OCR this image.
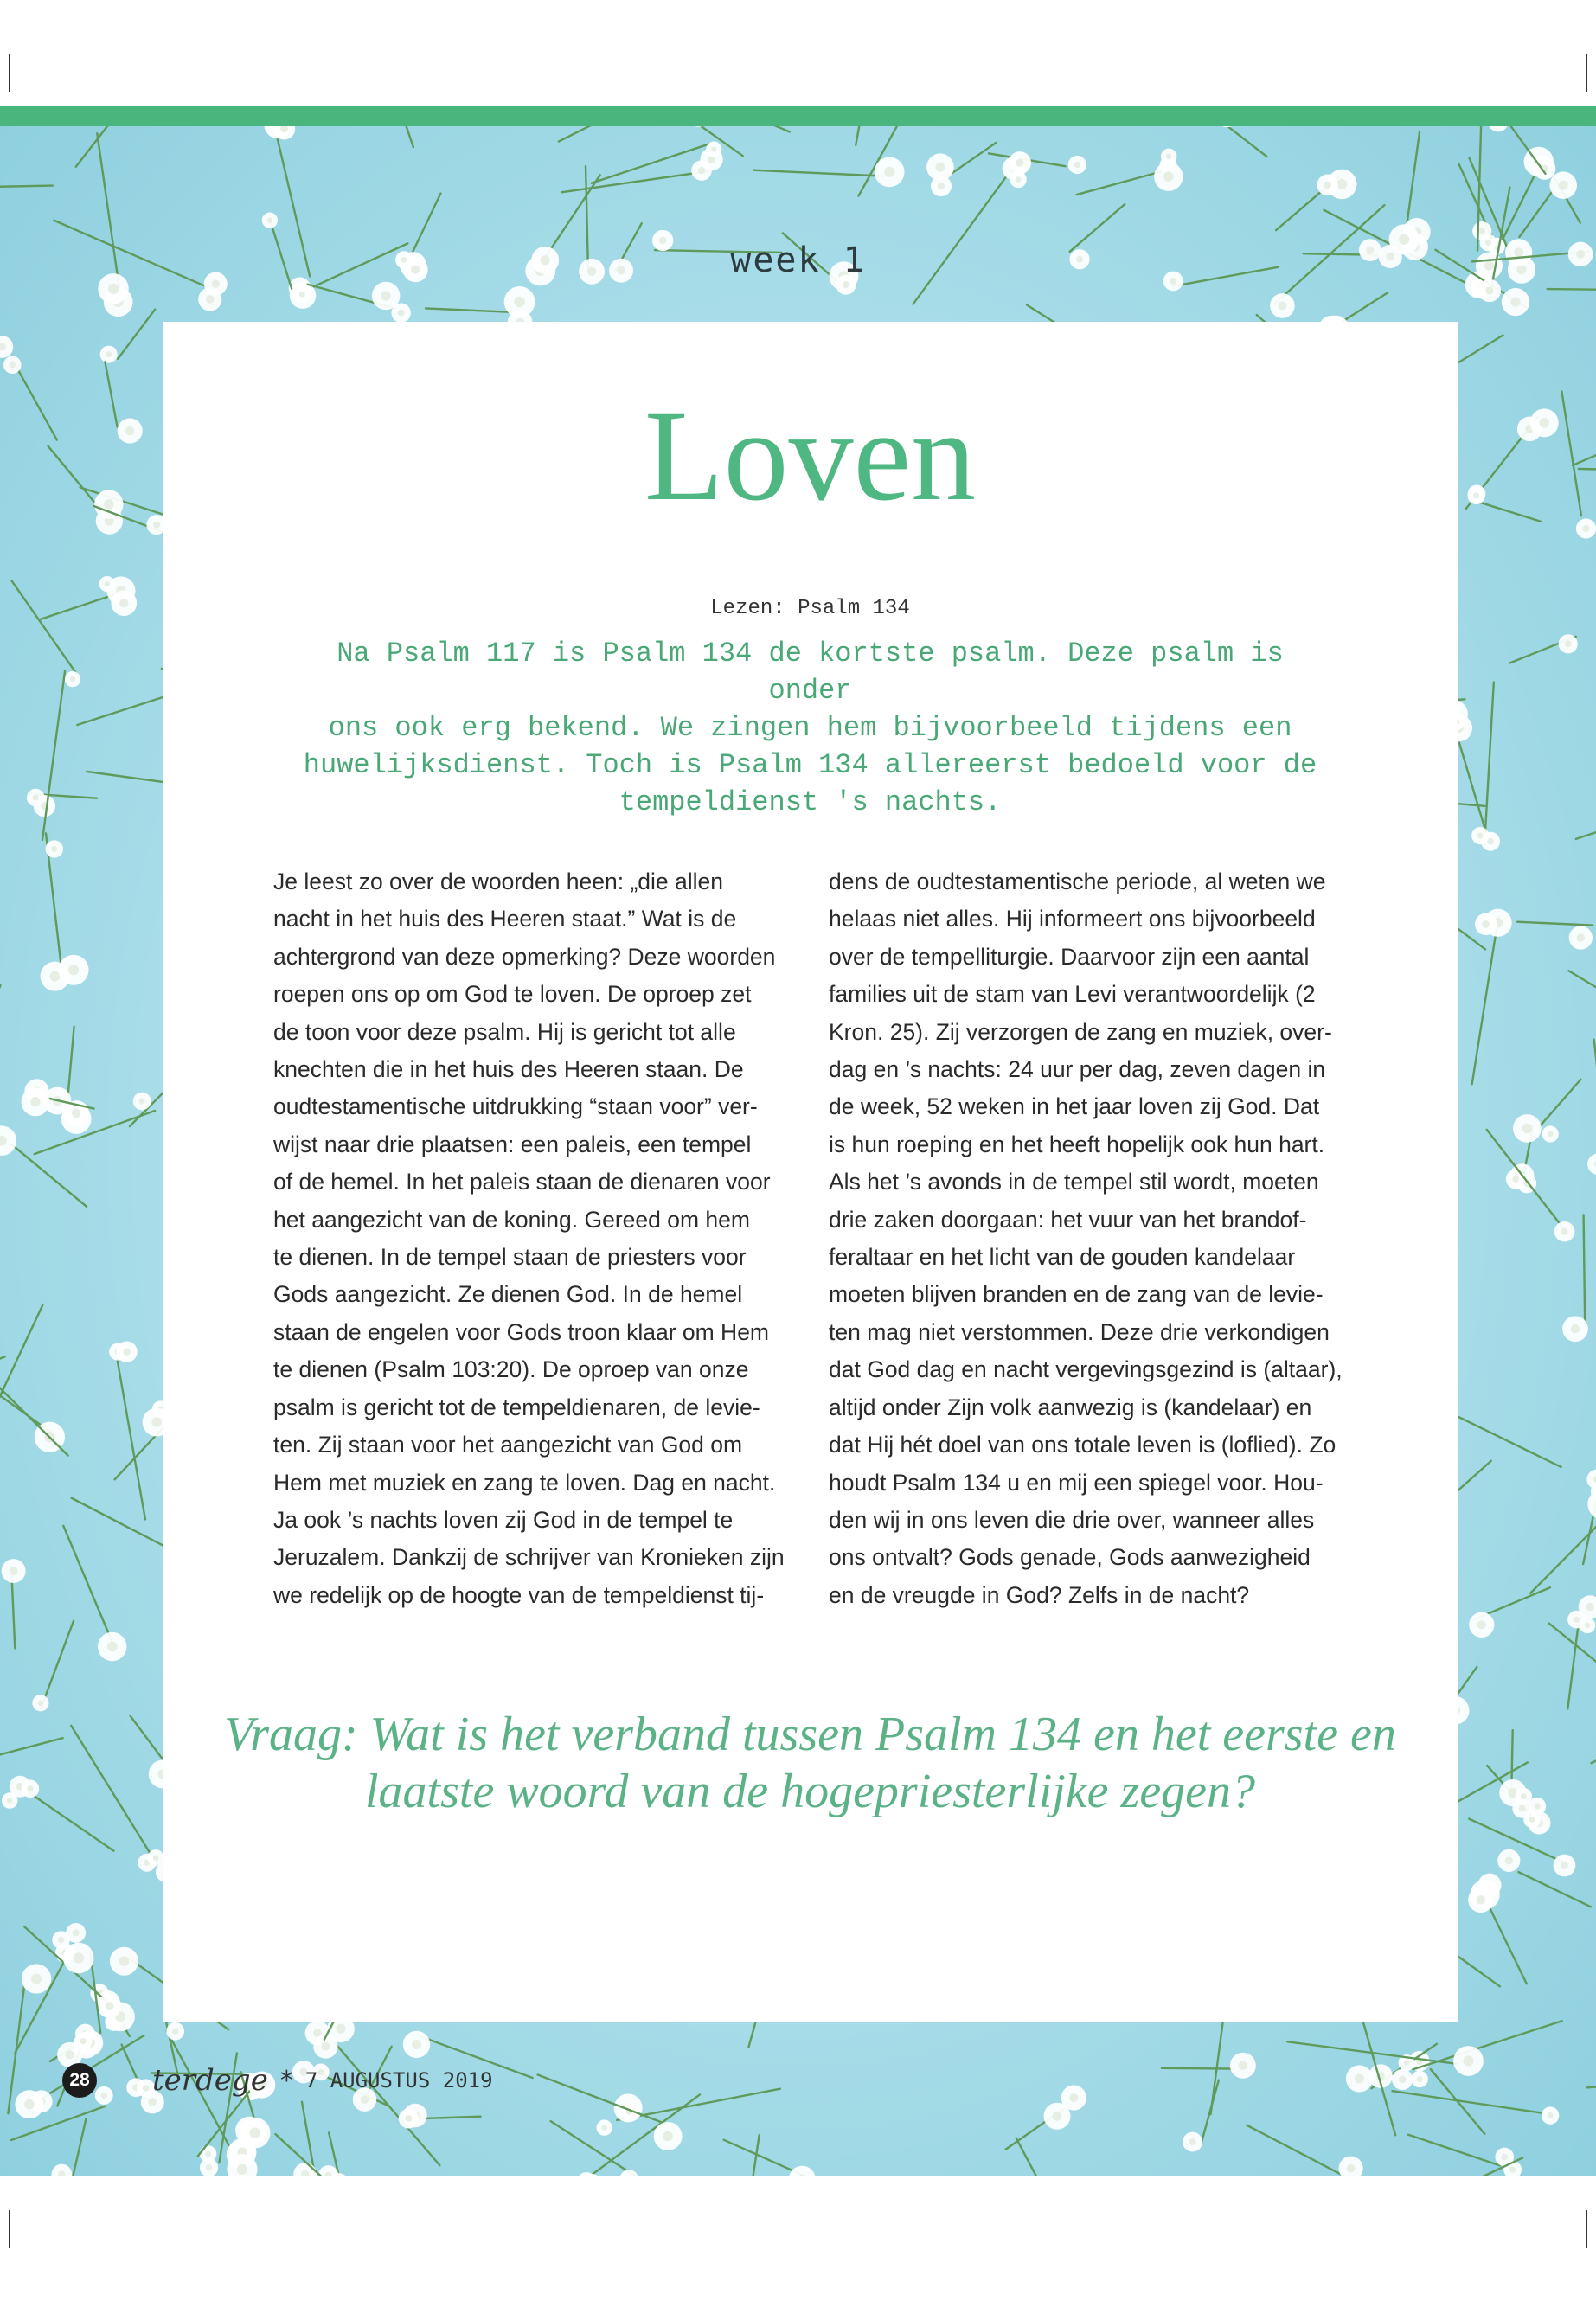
week 1
Loven
Lezen: Psalm 134
Na Psalm 117 is Psalm 134 de kortste psalm. Deze psalm is onder
ons ook erg bekend. We zingen hem bijvoorbeeld tijdens een
huwelijksdienst. Toch is Psalm 134 allereerst bedoeld voor de
tempeldienst 's nachts.
Je leest zo over de woorden heen: „die allen
nacht in het huis des Heeren staat.” Wat is de
achtergrond van deze opmerking? Deze woorden
roepen ons op om God te loven. De oproep zet
de toon voor deze psalm. Hij is gericht tot alle
knechten die in het huis des Heeren staan. De
oudtestamentische uitdrukking “staan voor” ver-
wijst naar drie plaatsen: een paleis, een tempel
of de hemel. In het paleis staan de dienaren voor
het aangezicht van de koning. Gereed om hem
te dienen. In de tempel staan de priesters voor
Gods aangezicht. Ze dienen God. In de hemel
staan de engelen voor Gods troon klaar om Hem
te dienen (Psalm 103:20). De oproep van onze
psalm is gericht tot de tempeldienaren, de levie-
ten. Zij staan voor het aangezicht van God om
Hem met muziek en zang te loven. Dag en nacht.
Ja ook ’s nachts loven zij God in de tempel te
Jeruzalem. Dankzij de schrijver van Kronieken zijn
we redelijk op de hoogte van de tempeldienst tij-
dens de oudtestamentische periode, al weten we
helaas niet alles. Hij informeert ons bijvoorbeeld
over de tempelliturgie. Daarvoor zijn een aantal
families uit de stam van Levi verantwoordelijk (2
Kron. 25). Zij verzorgen de zang en muziek, over-
dag en ’s nachts: 24 uur per dag, zeven dagen in
de week, 52 weken in het jaar loven zij God. Dat
is hun roeping en het heeft hopelijk ook hun hart.
Als het ’s avonds in de tempel stil wordt, moeten
drie zaken doorgaan: het vuur van het brandof-
feraltaar en het licht van de gouden kandelaar
moeten blijven branden en de zang van de levie-
ten mag niet verstommen. Deze drie verkondigen
dat God dag en nacht vergevingsgezind is (altaar),
altijd onder Zijn volk aanwezig is (kandelaar) en
dat Hij hét doel van ons totale leven is (loflied). Zo
houdt Psalm 134 u en mij een spiegel voor. Hou-
den wij in ons leven die drie over, wanneer alles
ons ontvalt? Gods genade, Gods aanwezigheid
en de vreugde in God? Zelfs in de nacht?
Vraag: Wat is het verband tussen Psalm 134 en het eerste en
laatste woord van de hogepriesterlijke zegen?
28 terdege * 7 AUGUSTUS 2019
